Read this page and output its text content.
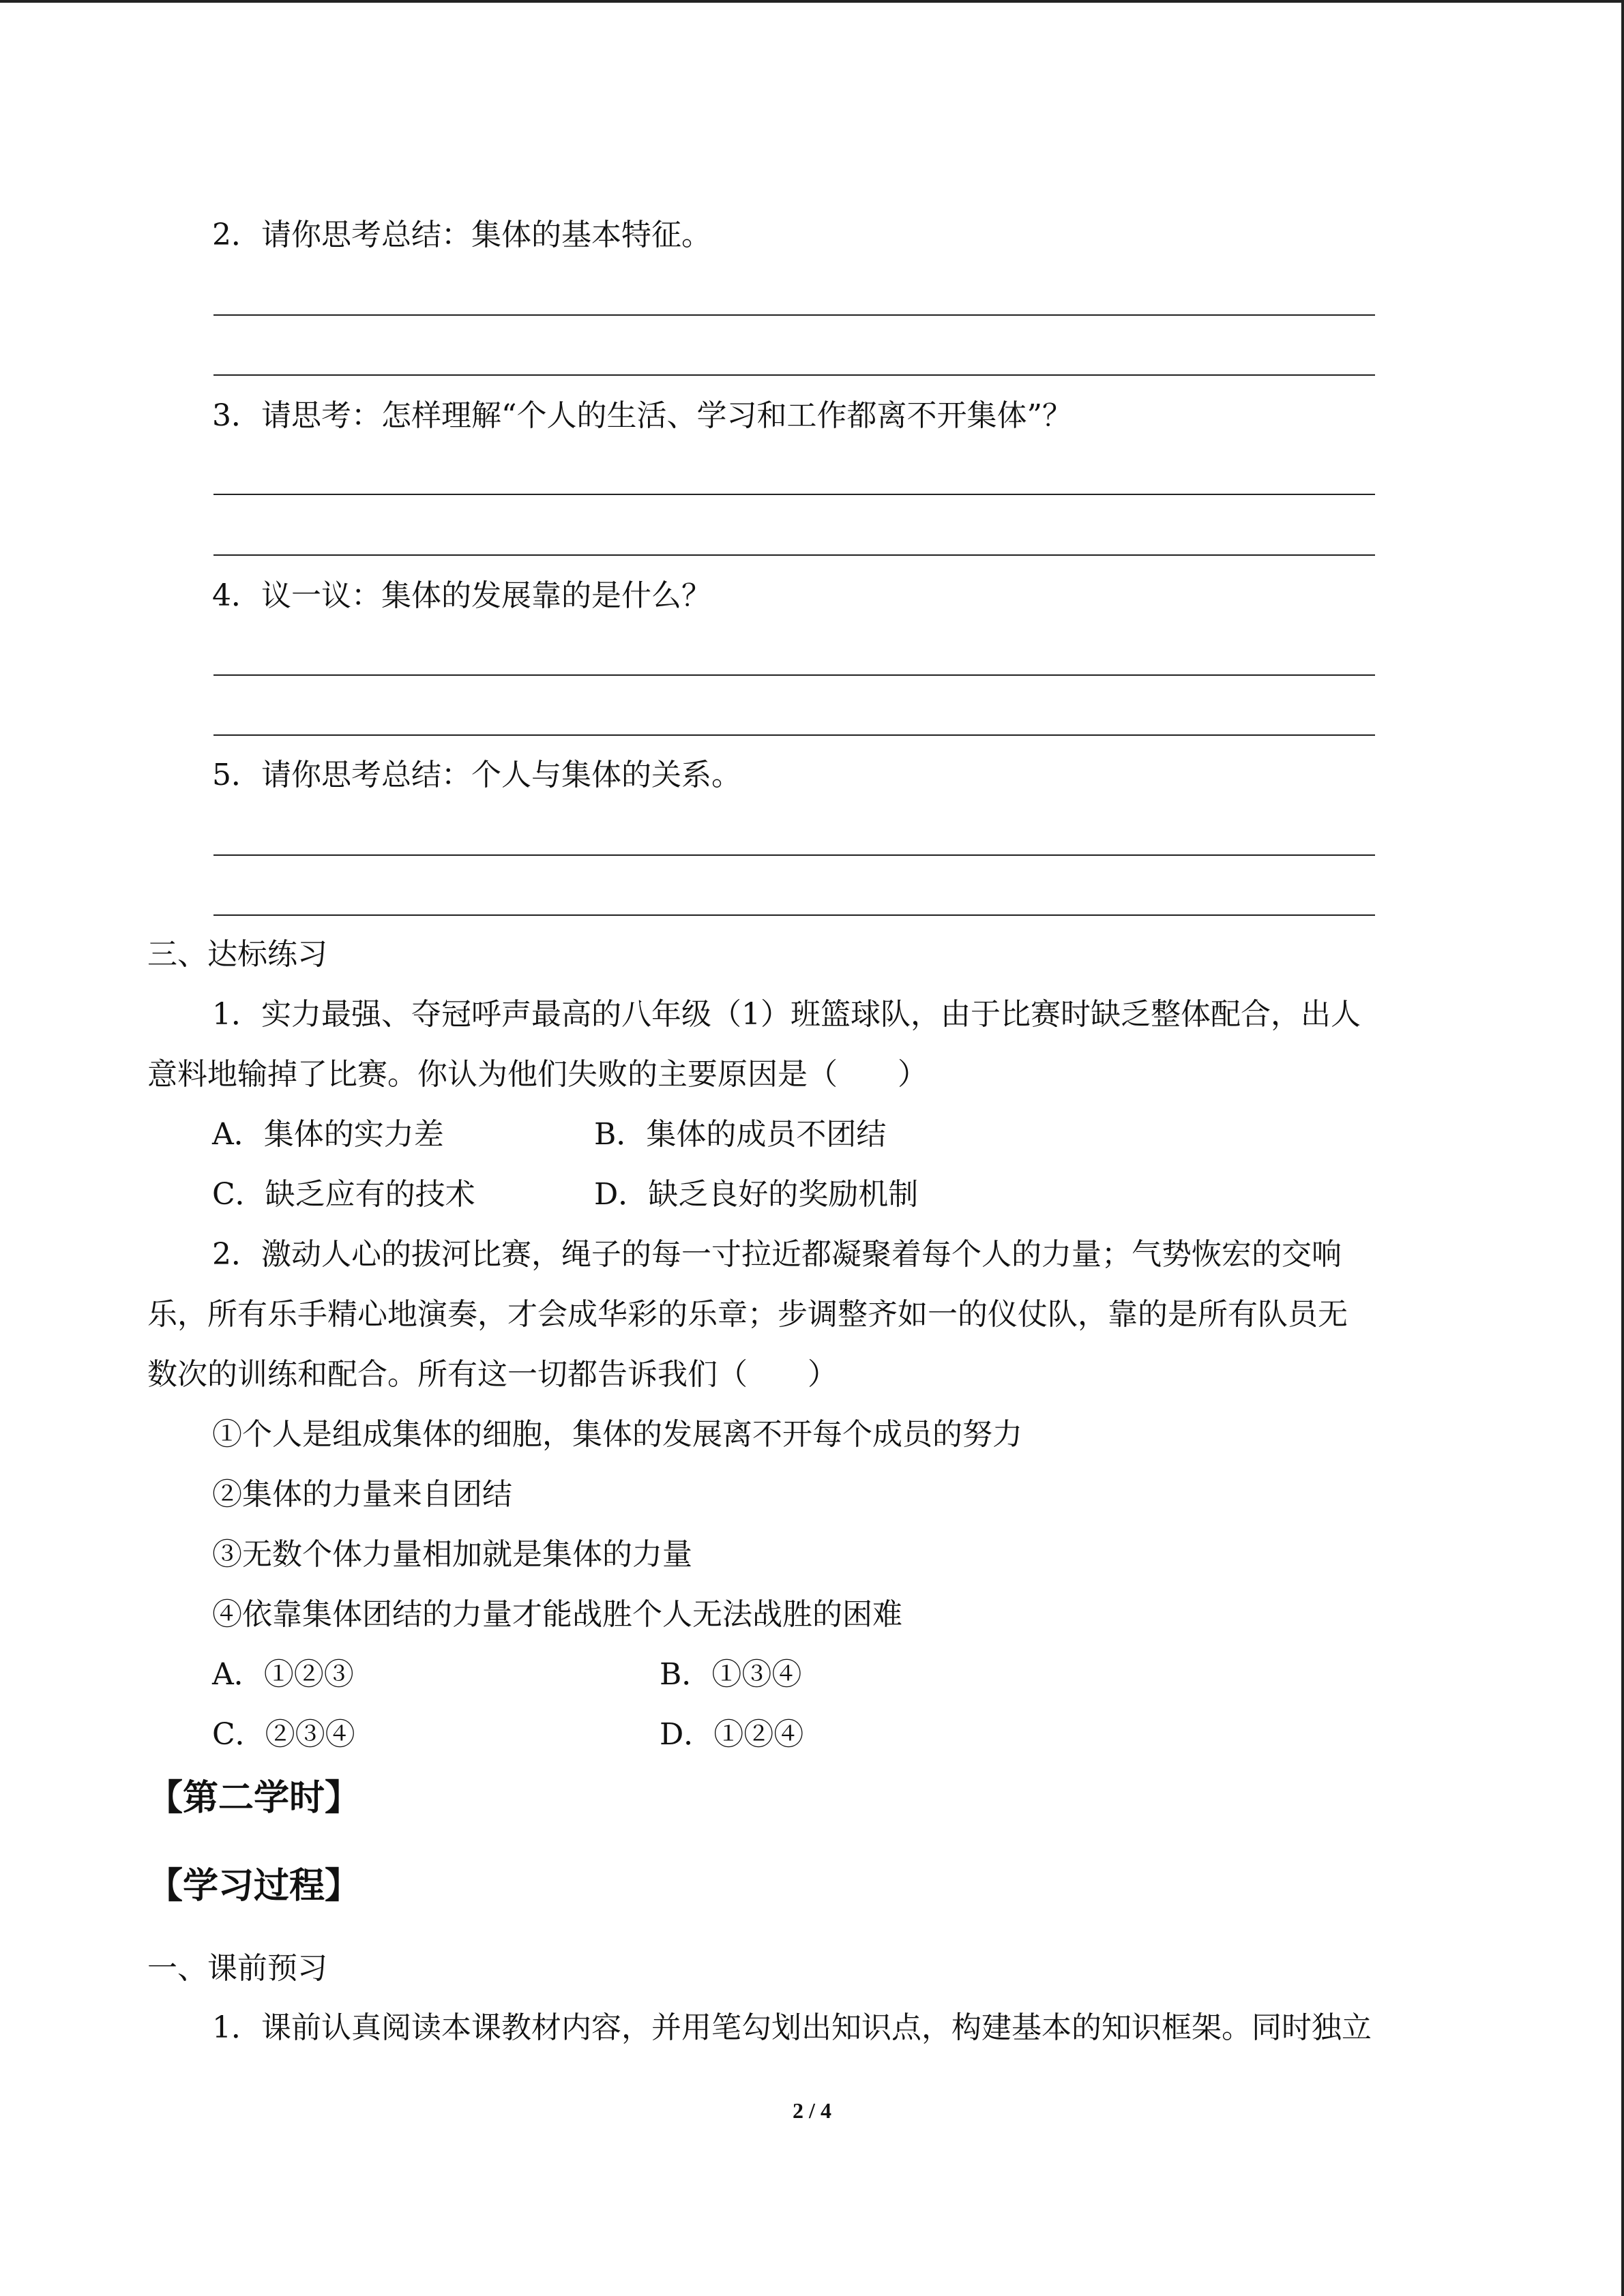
2．请你思考总结：集体的基本特征。
3．请思考：怎样理解“个人的生活、学习和工作都离不开集体”？
4．议一议：集体的发展靠的是什么？
5．请你思考总结：个人与集体的关系。
三、达标练习
1．实力最强、夺冠呼声最高的八年级（1）班篮球队，由于比赛时缺乏整体配合，出人
意料地输掉了比赛。你认为他们失败的主要原因是（　　）
A．集体的实力差	B．集体的成员不团结
C．缺乏应有的技术	D．缺乏良好的奖励机制
2．激动人心的拔河比赛，绳子的每一寸拉近都凝聚着每个人的力量；气势恢宏的交响
乐，所有乐手精心地演奏，才会成华彩的乐章；步调整齐如一的仪仗队，靠的是所有队员无
数次的训练和配合。所有这一切都告诉我们（　　）
①个人是组成集体的细胞，集体的发展离不开每个成员的努力
②集体的力量来自团结
③无数个体力量相加就是集体的力量
④依靠集体团结的力量才能战胜个人无法战胜的困难
A．①②③	B．①③④
C．②③④	D．①②④
【第二学时】
【学习过程】
一、课前预习
1．课前认真阅读本课教材内容，并用笔勾划出知识点，构建基本的知识框架。同时独立
2 / 4
